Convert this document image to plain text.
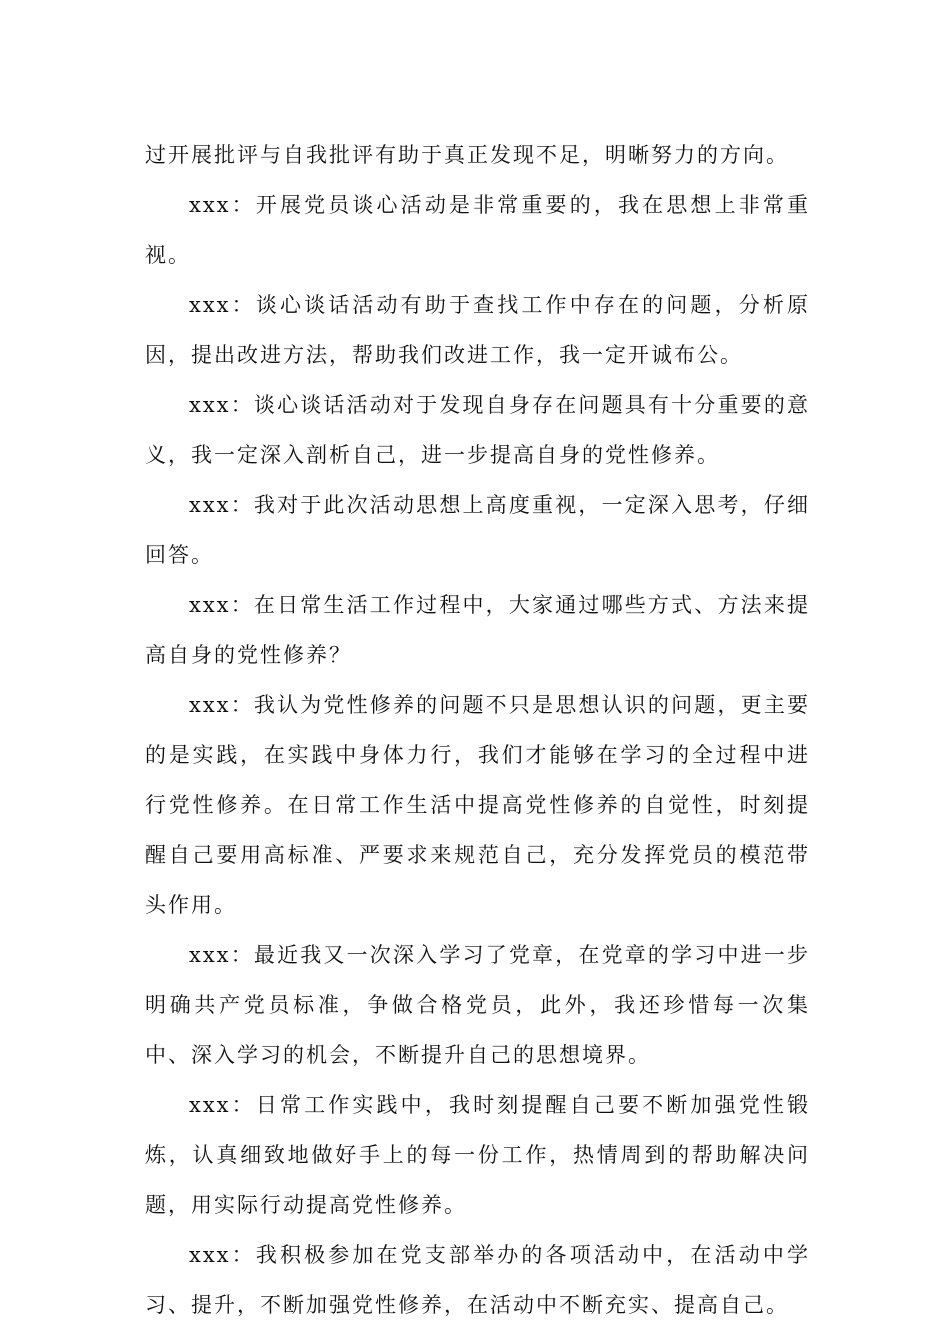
过开展批评与自我批评有助于真正发现不足，明晰努力的方向。

xxx：开展党员谈心活动是非常重要的，我在思想上非常重视。

xxx：谈心谈话活动有助于查找工作中存在的问题，分析原因，提出改进方法，帮助我们改进工作，我一定开诚布公。

xxx：谈心谈话活动对于发现自身存在问题具有十分重要的意义，我一定深入剖析自己，进一步提高自身的党性修养。

xxx：我对于此次活动思想上高度重视，一定深入思考，仔细回答。

xxx：在日常生活工作过程中，大家通过哪些方式、方法来提高自身的党性修养？

xxx：我认为党性修养的问题不只是思想认识的问题，更主要的是实践，在实践中身体力行，我们才能够在学习的全过程中进行党性修养。在日常工作生活中提高党性修养的自觉性，时刻提醒自己要用高标准、严要求来规范自己，充分发挥党员的模范带头作用。

xxx：最近我又一次深入学习了党章，在党章的学习中进一步明确共产党员标准，争做合格党员，此外，我还珍惜每一次集中、深入学习的机会，不断提升自己的思想境界。

xxx：日常工作实践中，我时刻提醒自己要不断加强党性锻炼，认真细致地做好手上的每一份工作，热情周到的帮助解决问题，用实际行动提高党性修养。

xxx：我积极参加在党支部举办的各项活动中，在活动中学习、提升，不断加强党性修养，在活动中不断充实、提高自己。
